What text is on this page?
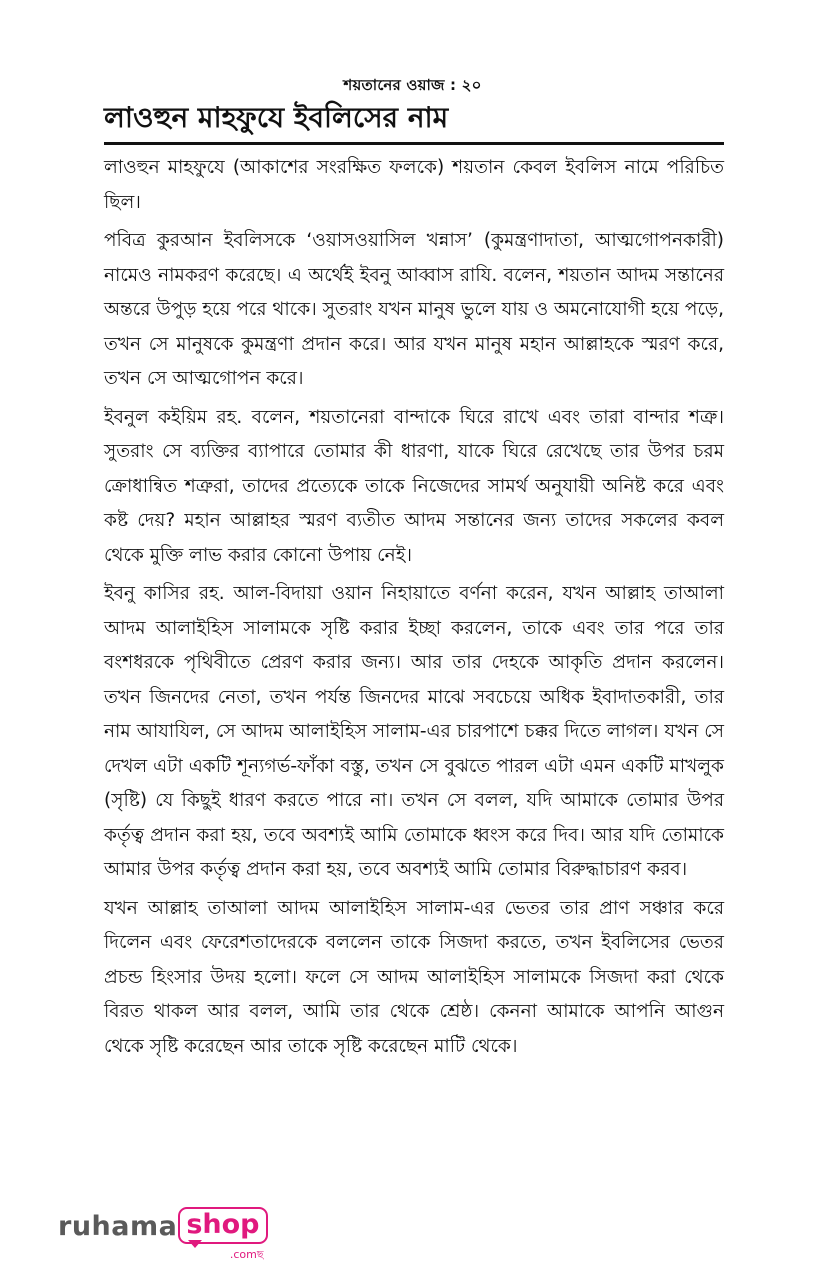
শয়তানের ওয়াজ : ২০
লাওহুন মাহফুযে ইবলিসের নাম

লাওহুন মাহফুযে (আকাশের সংরক্ষিত ফলকে) শয়তান কেবল ইবলিস নামে পরিচিত ছিল।

পবিত্র কুরআন ইবলিসকে ‘ওয়াসওয়াসিল খন্নাস’ (কুমন্ত্রণাদাতা, আত্মগোপনকারী) নামেও নামকরণ করেছে। এ অর্থেই ইবনু আব্বাস রাযি. বলেন, শয়তান আদম সন্তানের অন্তরে উপুড় হয়ে পরে থাকে। সুতরাং যখন মানুষ ভুলে যায় ও অমনোযোগী হয়ে পড়ে, তখন সে মানুষকে কুমন্ত্রণা প্রদান করে। আর যখন মানুষ মহান আল্লাহকে স্মরণ করে, তখন সে আত্মগোপন করে।

ইবনুল কইয়িম রহ. বলেন, শয়তানেরা বান্দাকে ঘিরে রাখে এবং তারা বান্দার শত্রু। সুতরাং সে ব্যক্তির ব্যাপারে তোমার কী ধারণা, যাকে ঘিরে রেখেছে তার উপর চরম ক্রোধান্বিত শত্রুরা, তাদের প্রত্যেকে তাকে নিজেদের সামর্থ অনুযায়ী অনিষ্ট করে এবং কষ্ট দেয়? মহান আল্লাহর স্মরণ ব্যতীত আদম সন্তানের জন্য তাদের সকলের কবল থেকে মুক্তি লাভ করার কোনো উপায় নেই।

ইবনু কাসির রহ. আল-বিদায়া ওয়ান নিহায়াতে বর্ণনা করেন, যখন আল্লাহ তাআলা আদম আলাইহিস সালামকে সৃষ্টি করার ইচ্ছা করলেন, তাকে এবং তার পরে তার বংশধরকে পৃথিবীতে প্রেরণ করার জন্য। আর তার দেহকে আকৃতি প্রদান করলেন। তখন জিনদের নেতা, তখন পর্যন্ত জিনদের মাঝে সবচেয়ে অধিক ইবাদাতকারী, তার নাম আযাযিল, সে আদম আলাইহিস সালাম-এর চারপাশে চক্কর দিতে লাগল। যখন সে দেখল এটা একটি শূন্যগর্ভ-ফাঁকা বস্তু, তখন সে বুঝতে পারল এটা এমন একটি মাখলুক (সৃষ্টি) যে কিছুই ধারণ করতে পারে না। তখন সে বলল, যদি আমাকে তোমার উপর কর্তৃত্ব প্রদান করা হয়, তবে অবশ্যই আমি তোমাকে ধ্বংস করে দিব। আর যদি তোমাকে আমার উপর কর্তৃত্ব প্রদান করা হয়, তবে অবশ্যই আমি তোমার বিরুদ্ধাচারণ করব।

যখন আল্লাহ তাআলা আদম আলাইহিস সালাম-এর ভেতর তার প্রাণ সঞ্চার করে দিলেন এবং ফেরেশতাদেরকে বললেন তাকে সিজদা করতে, তখন ইবলিসের ভেতর প্রচন্ড হিংসার উদয় হলো। ফলে সে আদম আলাইহিস সালামকে সিজদা করা থেকে বিরত থাকল আর বলল, আমি তার থেকে শ্রেষ্ঠ। কেননা আমাকে আপনি আগুন থেকে সৃষ্টি করেছেন আর তাকে সৃষ্টি করেছেন মাটি থেকে।

ruhama shop
.comছ
